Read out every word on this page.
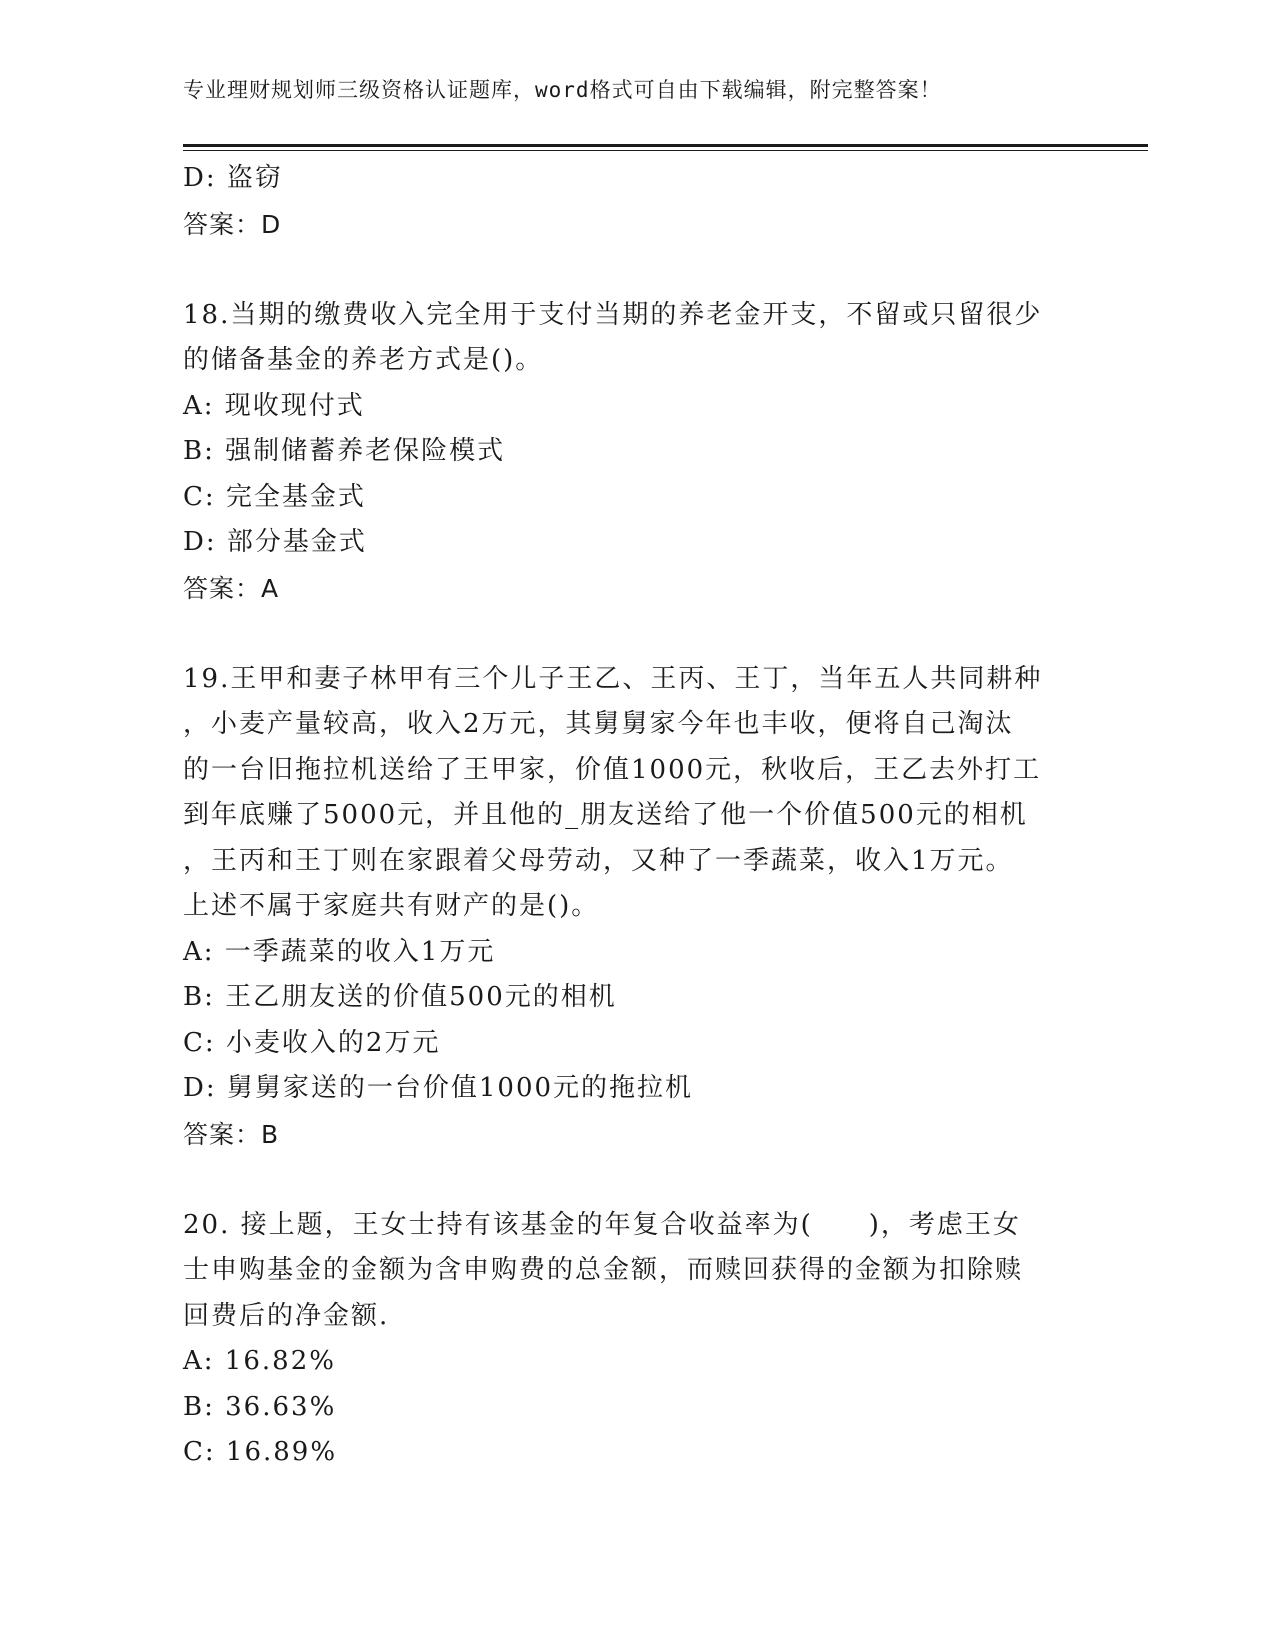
专业理财规划师三级资格认证题库，word格式可自由下载编辑，附完整答案！
D: 盗窃
答案：D
18.当期的缴费收入完全用于支付当期的养老金开支，不留或只留很少
的储备基金的养老方式是()。
A: 现收现付式
B: 强制储蓄养老保险模式
C: 完全基金式
D: 部分基金式
答案：A
19.王甲和妻子林甲有三个儿子王乙、王丙、王丁，当年五人共同耕种
，小麦产量较高，收入2万元，其舅舅家今年也丰收，便将自己淘汰
的一台旧拖拉机送给了王甲家，价值1000元，秋收后，王乙去外打工
到年底赚了5000元，并且他的_朋友送给了他一个价值500元的相机
，王丙和王丁则在家跟着父母劳动，又种了一季蔬菜，收入1万元。
上述不属于家庭共有财产的是()。
A: 一季蔬菜的收入1万元
B: 王乙朋友送的价值500元的相机
C: 小麦收入的2万元
D: 舅舅家送的一台价值1000元的拖拉机
答案：B
20. 接上题，王女士持有该基金的年复合收益率为(　　)，考虑王女
士申购基金的金额为含申购费的总金额，而赎回获得的金额为扣除赎
回费后的净金额.
A: 16.82%
B: 36.63%
C: 16.89%
